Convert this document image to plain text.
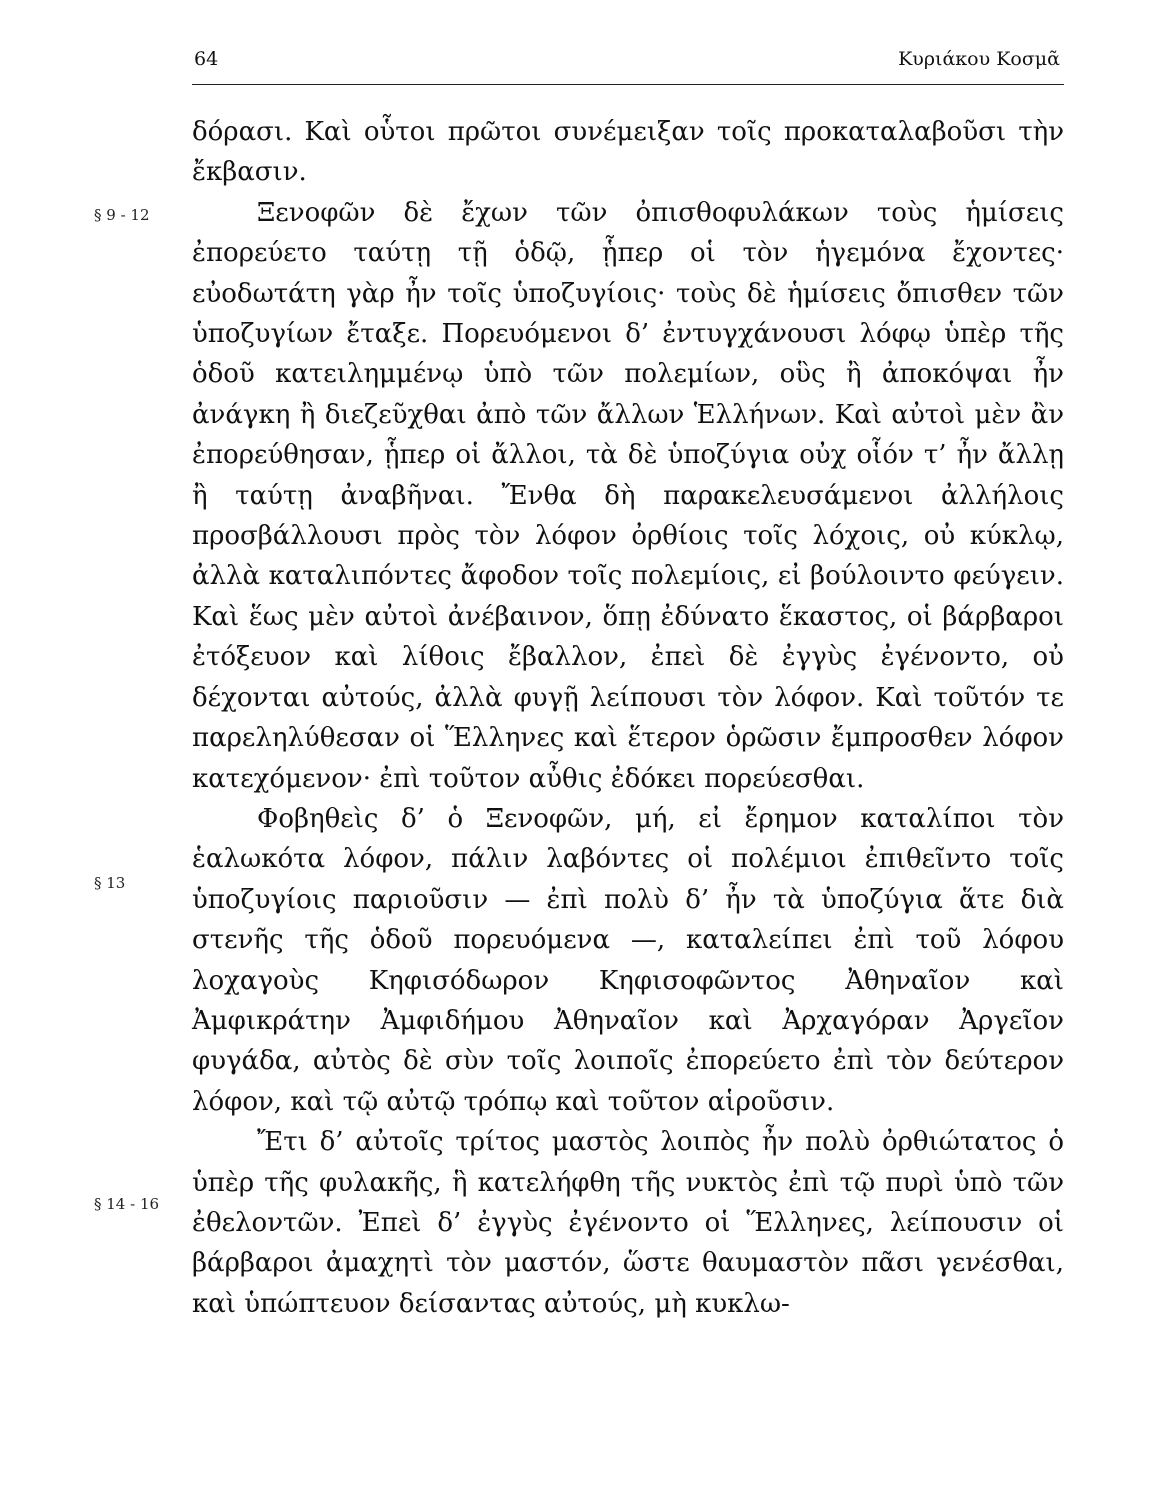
64	Κυριάκου Κοσμᾶ
§ 9 - 12
§ 13
§ 14 - 16

δόρασι. Καὶ οὗτοι πρῶτοι συνέμειξαν τοῖς προκαταλαβοῦσι τὴν ἔκβασιν.

Ξενοφῶν δὲ ἔχων τῶν ὀπισθοφυλάκων τοὺς ἡμίσεις ἐπορεύετο ταύτῃ τῇ ὁδῷ, ᾗπερ οἱ τὸν ἡγεμόνα ἔχοντες· εὐοδωτάτη γὰρ ἦν τοῖς ὑποζυγίοις· τοὺς δὲ ἡμίσεις ὄπισθεν τῶν ὑποζυγίων ἔταξε. Πορευόμενοι δ’ ἐντυγχάνουσι λόφῳ ὑπὲρ τῆς ὁδοῦ κατειλημμένῳ ὑπὸ τῶν πολεμίων, οὓς ἢ ἀποκόψαι ἦν ἀνάγκη ἢ διεζεῦχθαι ἀπὸ τῶν ἄλλων Ἑλλήνων. Καὶ αὐτοὶ μὲν ἂν ἐπορεύθησαν, ᾗπερ οἱ ἄλλοι, τὰ δὲ ὑποζύγια οὐχ οἷόν τ’ ἦν ἄλλῃ ἢ ταύτῃ ἀναβῆναι. Ἔνθα δὴ παρακελευσάμενοι ἀλλήλοις προσβάλλουσι πρὸς τὸν λόφον ὀρθίοις τοῖς λόχοις, οὐ κύκλῳ, ἀλλὰ καταλιπόντες ἄφοδον τοῖς πολεμίοις, εἰ βούλοιντο φεύγειν. Καὶ ἕως μὲν αὐτοὶ ἀνέβαινον, ὅπῃ ἐδύνατο ἕκαστος, οἱ βάρβαροι ἐτόξευον καὶ λίθοις ἔβαλλον, ἐπεὶ δὲ ἐγγὺς ἐγένοντο, οὐ δέχονται αὐτούς, ἀλλὰ φυγῇ λείπουσι τὸν λόφον. Καὶ τοῦτόν τε παρεληλύθεσαν οἱ Ἕλληνες καὶ ἕτερον ὁρῶσιν ἔμπροσθεν λόφον κατεχόμενον· ἐπὶ τοῦτον αὖθις ἐδόκει πορεύεσθαι.

Φοβηθεὶς δ’ ὁ Ξενοφῶν, μή, εἰ ἔρημον καταλίποι τὸν ἑαλωκότα λόφον, πάλιν λαβόντες οἱ πολέμιοι ἐπιθεῖντο τοῖς ὑποζυγίοις παριοῦσιν — ἐπὶ πολὺ δ’ ἦν τὰ ὑποζύγια ἅτε διὰ στενῆς τῆς ὁδοῦ πορευόμενα —, καταλείπει ἐπὶ τοῦ λόφου λοχαγοὺς Κηφισόδωρον Κηφισοφῶντος Ἀθηναῖον καὶ Ἀμφικράτην Ἀμφιδήμου Ἀθηναῖον καὶ Ἀρχαγόραν Ἀργεῖον φυγάδα, αὐτὸς δὲ σὺν τοῖς λοιποῖς ἐπορεύετο ἐπὶ τὸν δεύτερον λόφον, καὶ τῷ αὐτῷ τρόπῳ καὶ τοῦτον αἱροῦσιν.

Ἔτι δ’ αὐτοῖς τρίτος μαστὸς λοιπὸς ἦν πολὺ ὀρθιώτατος ὁ ὑπὲρ τῆς φυλακῆς, ἣ κατελήφθη τῆς νυκτὸς ἐπὶ τῷ πυρὶ ὑπὸ τῶν ἐθελοντῶν. Ἐπεὶ δ’ ἐγγὺς ἐγένοντο οἱ Ἕλληνες, λείπουσιν οἱ βάρβαροι ἀμαχητὶ τὸν μαστόν, ὥστε θαυμαστὸν πᾶσι γενέσθαι, καὶ ὑπώπτευον δείσαντας αὐτούς, μὴ κυκλω-
